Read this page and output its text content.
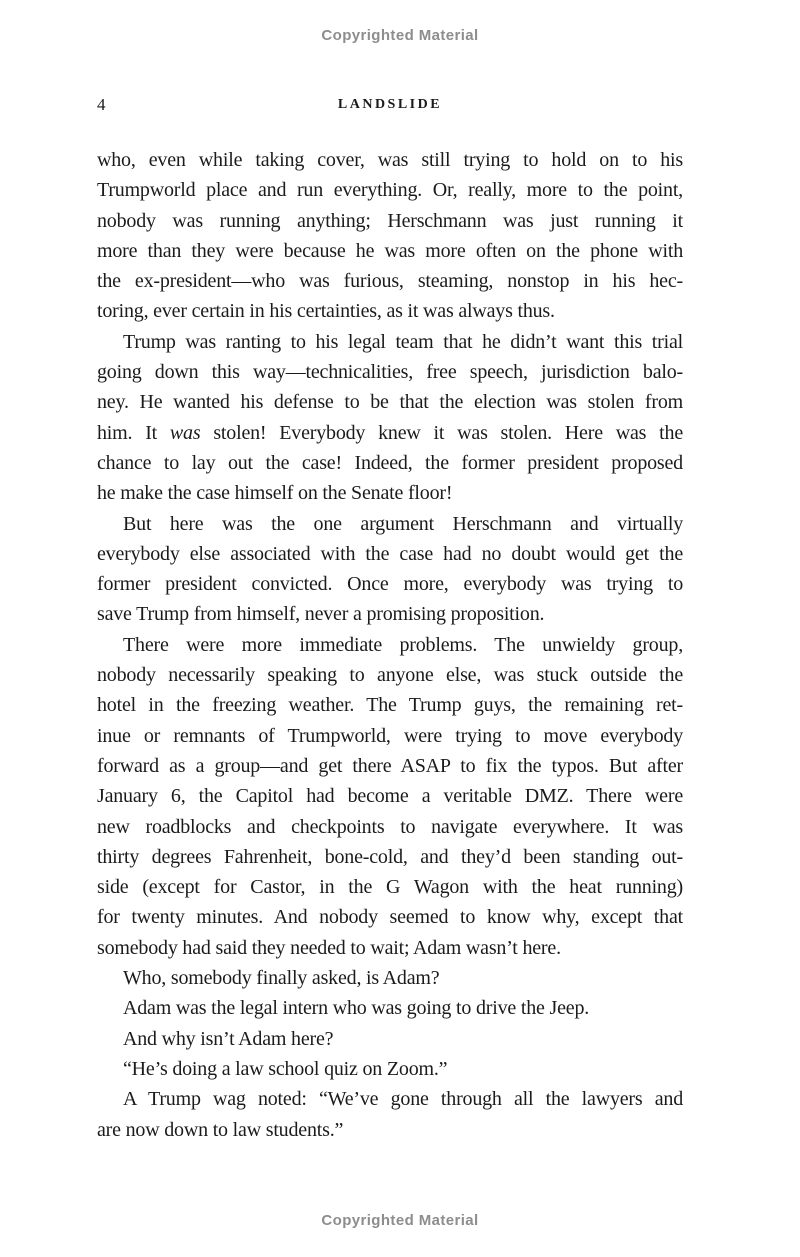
Copyrighted Material
4	LANDSLIDE
who, even while taking cover, was still trying to hold on to his
Trumpworld place and run everything. Or, really, more to the point,
nobody was running anything; Herschmann was just running it
more than they were because he was more often on the phone with
the ex-president—who was furious, steaming, nonstop in his hec-
toring, ever certain in his certainties, as it was always thus.
Trump was ranting to his legal team that he didn’t want this trial
going down this way—technicalities, free speech, jurisdiction balo-
ney. He wanted his defense to be that the election was stolen from
him. It was stolen! Everybody knew it was stolen. Here was the
chance to lay out the case! Indeed, the former president proposed
he make the case himself on the Senate floor!
But here was the one argument Herschmann and virtually
everybody else associated with the case had no doubt would get the
former president convicted. Once more, everybody was trying to
save Trump from himself, never a promising proposition.
There were more immediate problems. The unwieldy group,
nobody necessarily speaking to anyone else, was stuck outside the
hotel in the freezing weather. The Trump guys, the remaining ret-
inue or remnants of Trumpworld, were trying to move everybody
forward as a group—and get there ASAP to fix the typos. But after
January 6, the Capitol had become a veritable DMZ. There were
new roadblocks and checkpoints to navigate everywhere. It was
thirty degrees Fahrenheit, bone-cold, and they’d been standing out-
side (except for Castor, in the G Wagon with the heat running)
for twenty minutes. And nobody seemed to know why, except that
somebody had said they needed to wait; Adam wasn’t here.
Who, somebody finally asked, is Adam?
Adam was the legal intern who was going to drive the Jeep.
And why isn’t Adam here?
“He’s doing a law school quiz on Zoom.”
A Trump wag noted: “We’ve gone through all the lawyers and
are now down to law students.”
Copyrighted Material
